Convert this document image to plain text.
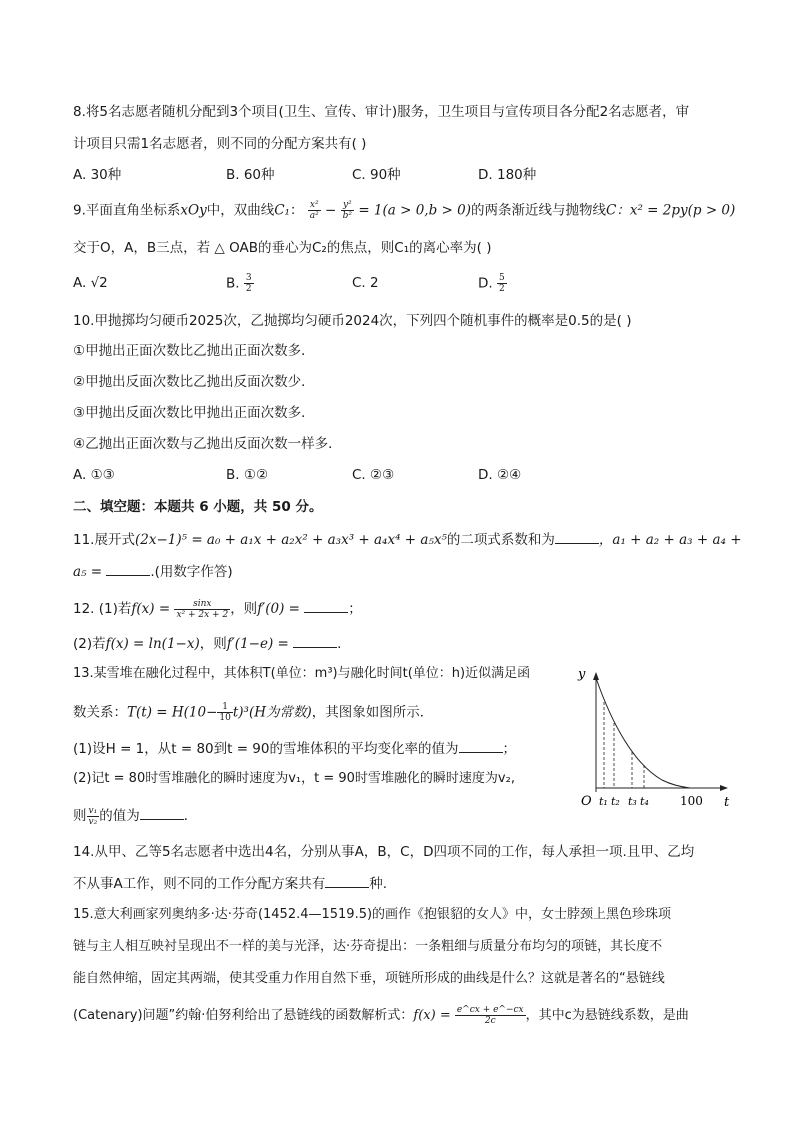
8.将5名志愿者随机分配到3个项目(卫生、宣传、审计)服务，卫生项目与宣传项目各分配2名志愿者，审
计项目只需1名志愿者，则不同的分配方案共有( )
A. 30种	B. 60种	C. 90种	D. 180种
9.平面直角坐标系xOy中，双曲线C₁： $\frac{\text{x²}}{\text{a²}} - \frac{\text{y²}}{\text{b²}} = 1(a > 0,b > 0)$的两条渐近线与抛物线C：x² = 2py(p > 0)
交于O，A，B三点，若 △ OAB的垂心为C₂的焦点，则C₁的离心率为( )
A. √2	B. $\frac{3}{2}$	C. 2	D. $\frac{5}{2}$
10.甲抛掷均匀硬币2025次，乙抛掷均匀硬币2024次，下列四个随机事件的概率是0.5的是( )
①甲抛出正面次数比乙抛出正面次数多．
②甲抛出反面次数比乙抛出反面次数少．
③甲抛出反面次数比甲抛出正面次数多．
④乙抛出正面次数与乙抛出反面次数一样多．
A. ①③	B. ①②	C. ②③	D. ②④
二、填空题：本题共 6 小题，共 50 分。
11.展开式(2x−1)⁵ = a₀ + a₁x + a₂x² + a₃x³ + a₄x⁴ + a₅x⁵的二项式系数和为	，a₁ + a₂ + a₃ + a₄ +
a₅ =	.(用数字作答)
12. (1)若$f(x) = \frac{\sin x}{\text{x² + 2x + 2}}$ ，则f′(0) =	；
(2)若f(x) = ln(1−x)，则f′(1−e) =	.
13.某雪堆在融化过程中，其体积T(单位：m³)与融化时间t(单位：h)近似满足函
数关系：$T(t) = H(10- \frac{1}{10} t)^3(H$为常数)，其图象如图所示．
(1)设H = 1，从t = 80到t = 90的雪堆体积的平均变化率的值为	；
(2)记t = 80时雪堆融化的瞬时速度为v₁，t = 90时雪堆融化的瞬时速度为v₂,
则 $\frac{\text{v₁}}{\text{v₂}}$ 的值为	．
y
t
O t₁ t₂ t₃ t₄	100
14.从甲、乙等5名志愿者中选出4名，分别从事A，B，C，D四项不同的工作，每人承担一项.且甲、乙均
不从事A工作，则不同的工作分配方案共有	种.
15.意大利画家列奥纳多·达·芬奇(1452.4—1519.5)的画作《抱银貂的女人》中，女士脖颈上黑色珍珠项
链与主人相互映衬呈现出不一样的美与光泽，达·芬奇提出：一条粗细与质量分布均匀的项链，其长度不
能自然伸缩，固定其两端，使其受重力作用自然下垂，项链所形成的曲线是什么？这就是著名的“悬链线
(Catenary)问题”约翰·伯努利给出了悬链线的函数解析式：$f(x) = \frac{e\^{}cx + e\^{}-cx}{2c}$ ，其中c为悬链线系数，是曲
